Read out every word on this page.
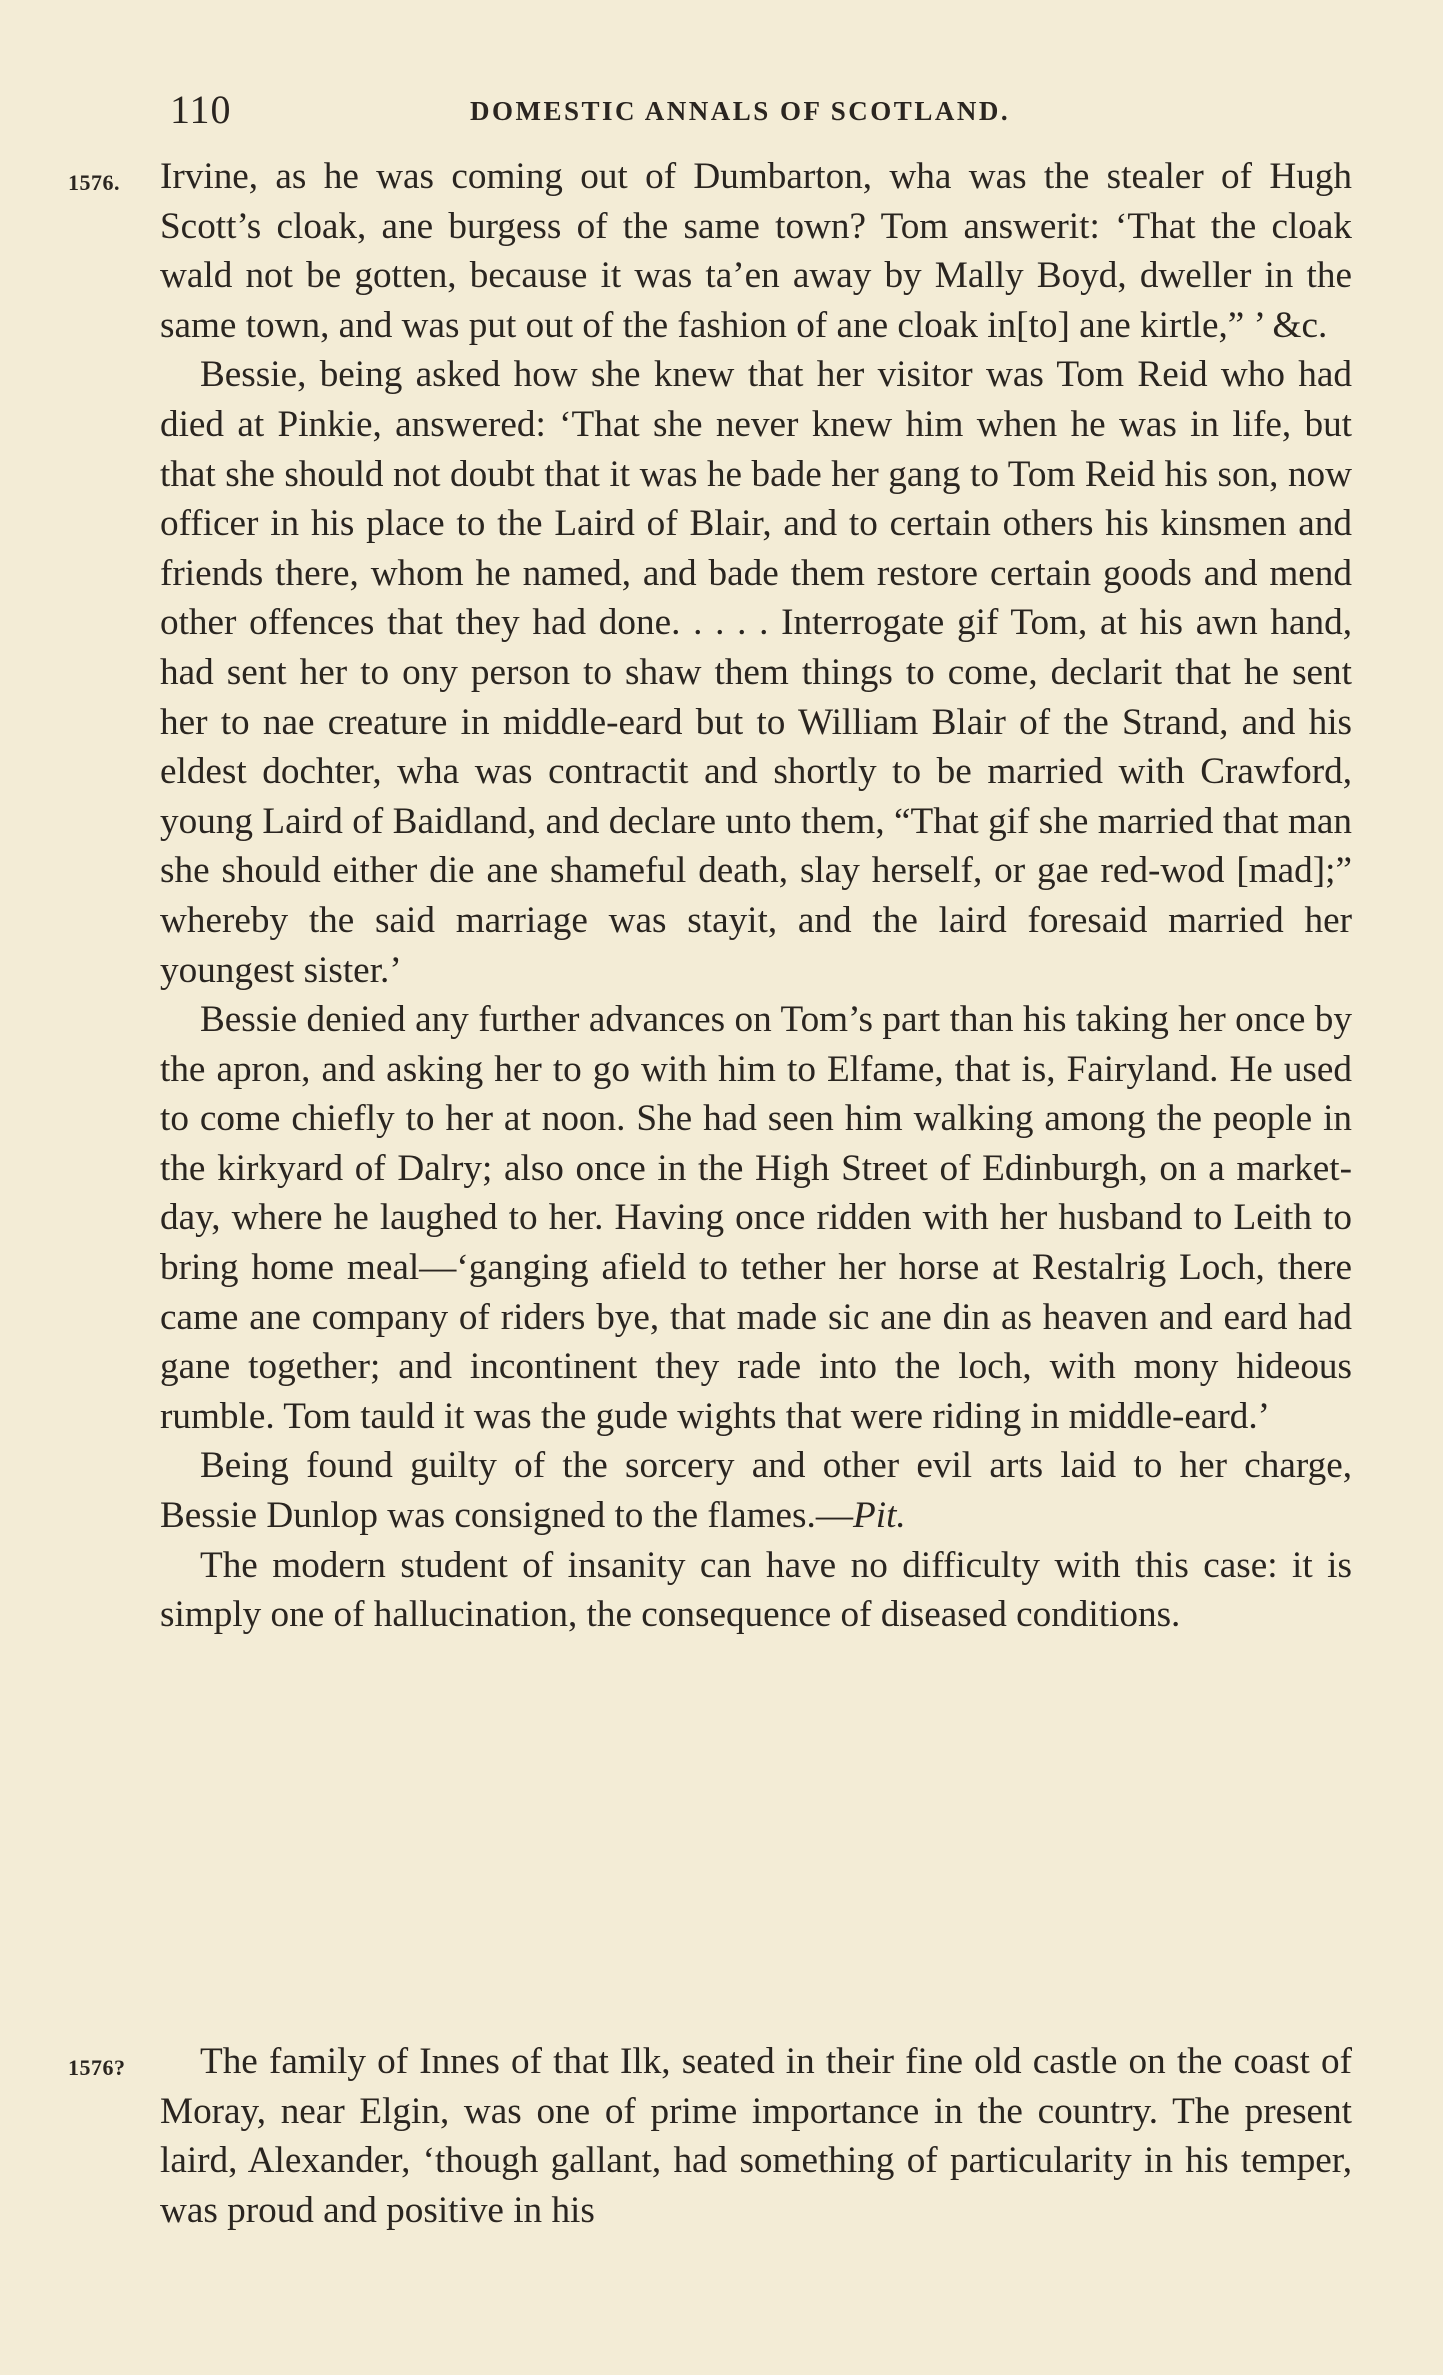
110	DOMESTIC ANNALS OF SCOTLAND.
1576. Irvine, as he was coming out of Dumbarton, wha was the stealer of Hugh Scott’s cloak, ane burgess of the same town? Tom answerit: ‘That the cloak wald not be gotten, because it was ta’en away by Mally Boyd, dweller in the same town, and was put out of the fashion of ane cloak in[to] ane kirtle,” ’ &c.

Bessie, being asked how she knew that her visitor was Tom Reid who had died at Pinkie, answered: ‘That she never knew him when he was in life, but that she should not doubt that it was he bade her gang to Tom Reid his son, now officer in his place to the Laird of Blair, and to certain others his kinsmen and friends there, whom he named, and bade them restore certain goods and mend other offences that they had done. . . . . Interrogate gif Tom, at his awn hand, had sent her to ony person to shaw them things to come, declarit that he sent her to nae creature in middle-eard but to William Blair of the Strand, and his eldest dochter, wha was contractit and shortly to be married with Crawford, young Laird of Baidland, and declare unto them, “That gif she married that man she should either die ane shameful death, slay herself, or gae red-wod [mad];” whereby the said marriage was stayit, and the laird foresaid married her youngest sister.’

Bessie denied any further advances on Tom’s part than his taking her once by the apron, and asking her to go with him to Elfame, that is, Fairyland. He used to come chiefly to her at noon. She had seen him walking among the people in the kirkyard of Dalry; also once in the High Street of Edinburgh, on a market-day, where he laughed to her. Having once ridden with her husband to Leith to bring home meal—‘ganging afield to tether her horse at Restalrig Loch, there came ane company of riders bye, that made sic ane din as heaven and eard had gane together; and incontinent they rade into the loch, with mony hideous rumble. Tom tauld it was the gude wights that were riding in middle-eard.’

Being found guilty of the sorcery and other evil arts laid to her charge, Bessie Dunlop was consigned to the flames.—Pit.

The modern student of insanity can have no difficulty with this case: it is simply one of hallucination, the consequence of diseased conditions.

1576?	The family of Innes of that Ilk, seated in their fine old castle on the coast of Moray, near Elgin, was one of prime importance in the country. The present laird, Alexander, ‘though gallant, had something of particularity in his temper, was proud and positive in his
